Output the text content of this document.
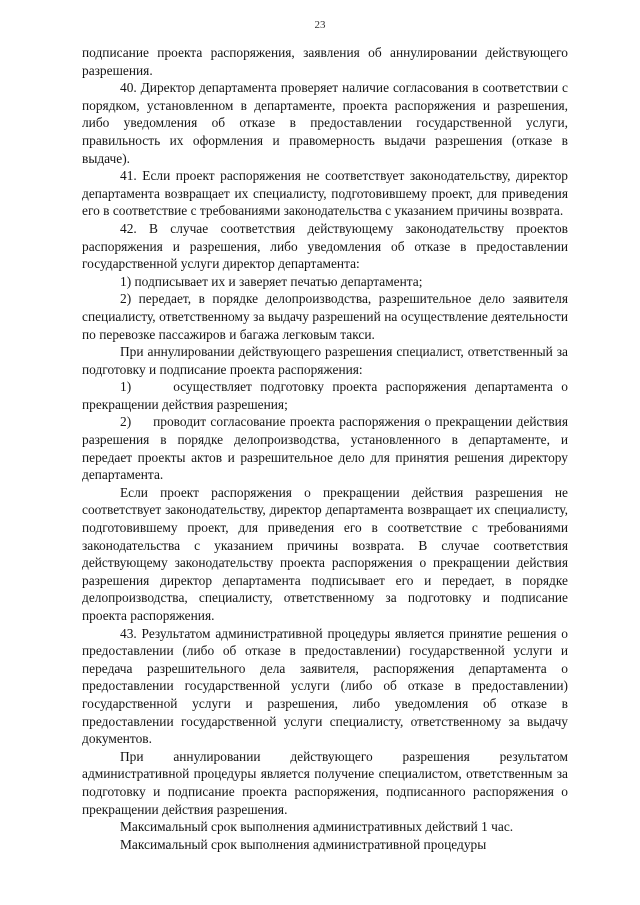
23

подписание проекта распоряжения, заявления об аннулировании действующего разрешения.

40. Директор департамента проверяет наличие согласования в соответствии с порядком, установленном в департаменте, проекта распоряжения и разрешения, либо уведомления об отказе в предоставлении государственной услуги, правильность их оформления и правомерность выдачи разрешения (отказе в выдаче).

41. Если проект распоряжения не соответствует законодательству, директор департамента возвращает их специалисту, подготовившему проект, для приведения его в соответствие с требованиями законодательства с указанием причины возврата.

42. В случае соответствия действующему законодательству проектов распоряжения и разрешения, либо уведомления об отказе в предоставлении государственной услуги директор департамента:

1) подписывает их и заверяет печатью департамента;

2) передает, в порядке делопроизводства, разрешительное дело заявителя специалисту, ответственному за выдачу разрешений на осуществление деятельности по перевозке пассажиров и багажа легковым такси.

При аннулировании действующего разрешения специалист, ответственный за подготовку и подписание проекта распоряжения:

1)     осуществляет подготовку проекта распоряжения департамента о прекращении действия разрешения;

2)     проводит согласование проекта распоряжения о прекращении действия разрешения в порядке делопроизводства, установленного в департаменте, и передает проекты актов и разрешительное дело для принятия решения директору департамента.

Если проект распоряжения о прекращении действия разрешения не соответствует законодательству, директор департамента возвращает их специалисту, подготовившему проект, для приведения его в соответствие с требованиями законодательства с указанием причины возврата. В случае соответствия действующему законодательству проекта распоряжения о прекращении действия разрешения директор департамента подписывает его и передает, в порядке делопроизводства, специалисту, ответственному за подготовку и подписание проекта распоряжения.

43. Результатом административной процедуры является принятие решения о предоставлении (либо об отказе в предоставлении) государственной услуги и передача разрешительного дела заявителя, распоряжения департамента о предоставлении государственной услуги (либо об отказе в предоставлении) государственной услуги и разрешения, либо уведомления об отказе в предоставлении государственной услуги специалисту, ответственному за выдачу документов.

При аннулировании действующего разрешения результатом административной процедуры является получение специалистом, ответственным за подготовку и подписание проекта распоряжения, подписанного распоряжения о прекращении действия разрешения.

Максимальный срок выполнения административных действий 1 час.

Максимальный срок выполнения административной процедуры
